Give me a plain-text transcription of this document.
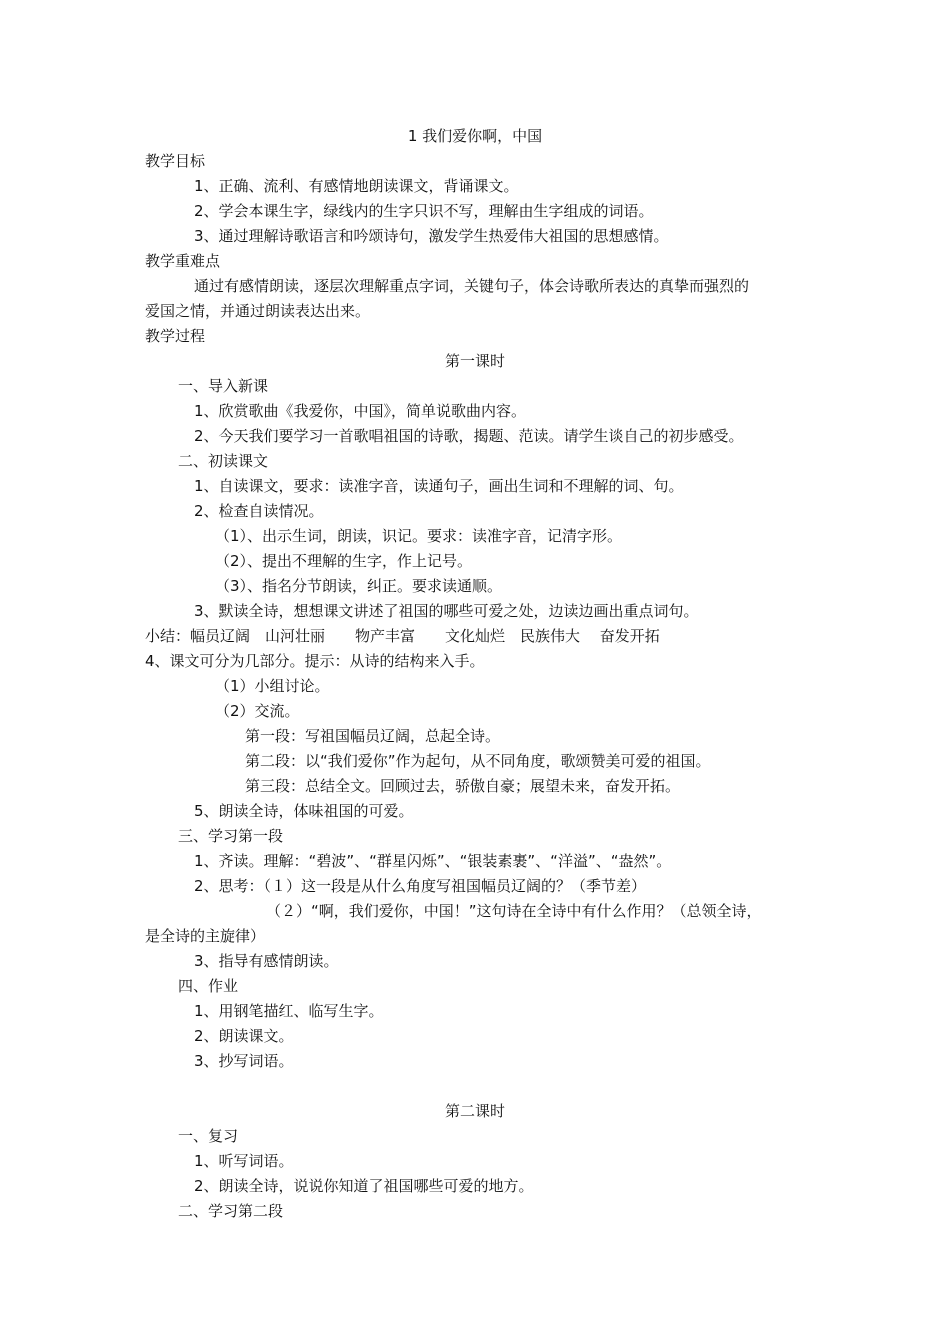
1 我们爱你啊，中国
教学目标
1、正确、流利、有感情地朗读课文，背诵课文。
2、学会本课生字，绿线内的生字只识不写，理解由生字组成的词语。
3、通过理解诗歌语言和吟颂诗句，激发学生热爱伟大祖国的思想感情。
教学重难点
通过有感情朗读，逐层次理解重点字词，关键句子，体会诗歌所表达的真挚而强烈的
爱国之情，并通过朗读表达出来。
教学过程
第一课时
一、导入新课
1、欣赏歌曲《我爱你，中国》，简单说歌曲内容。
2、今天我们要学习一首歌唱祖国的诗歌，揭题、范读。请学生谈自己的初步感受。
二、初读课文
1、自读课文，要求：读准字音，读通句子，画出生词和不理解的词、句。
2、检查自读情况。
（1）、出示生词，朗读，识记。要求：读准字音，记清字形。
（2）、提出不理解的生字，作上记号。
（3）、指名分节朗读，纠正。要求读通顺。
3、默读全诗，想想课文讲述了祖国的哪些可爱之处，边读边画出重点词句。
小结：幅员辽阔　山河壮丽　　物产丰富　　文化灿烂　民族伟大　 奋发开拓
4、课文可分为几部分。提示：从诗的结构来入手。
（1）小组讨论。
（2）交流。
第一段：写祖国幅员辽阔，总起全诗。
第二段：以“我们爱你”作为起句，从不同角度，歌颂赞美可爱的祖国。
第三段：总结全文。回顾过去，骄傲自豪；展望未来，奋发开拓。
5、朗读全诗，体味祖国的可爱。
三、学习第一段
1、齐读。理解：“碧波”、“群星闪烁”、“银装素裹”、“洋溢”、“盎然”。
2、思考：（１）这一段是从什么角度写祖国幅员辽阔的？（季节差）
（２）“啊，我们爱你，中国！”这句诗在全诗中有什么作用？（总领全诗，
是全诗的主旋律）
3、指导有感情朗读。
四、作业
1、用钢笔描红、临写生字。
2、朗读课文。
3、抄写词语。
第二课时
一、复习
1、听写词语。
2、朗读全诗，说说你知道了祖国哪些可爱的地方。
二、学习第二段
